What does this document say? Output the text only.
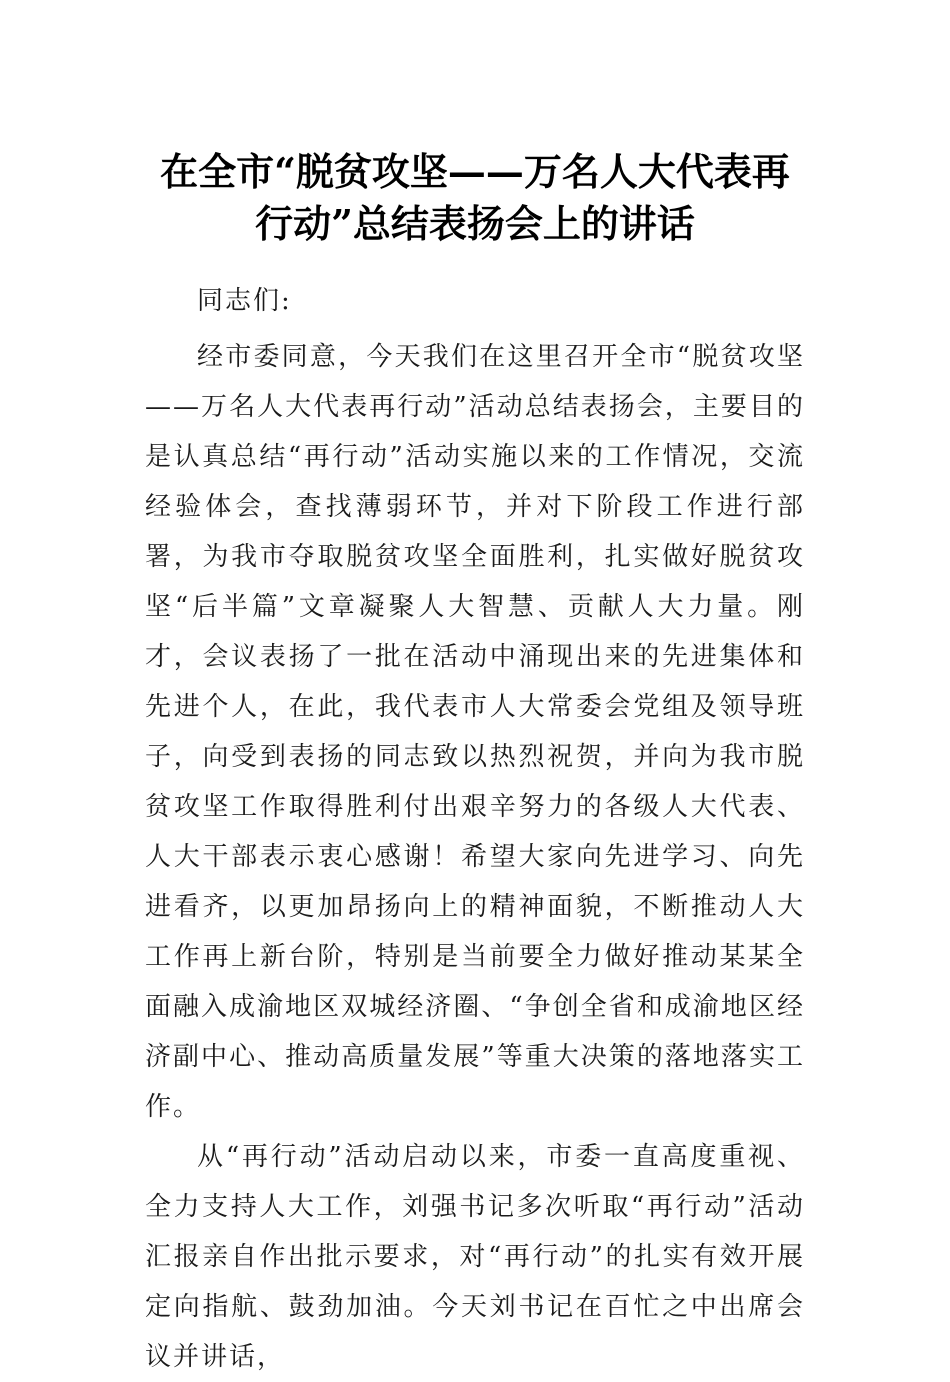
在全市“脱贫攻坚——万名人大代表再行动”总结表扬会上的讲话

同志们:

经市委同意，今天我们在这里召开全市“脱贫攻坚——万名人大代表再行动”活动总结表扬会，主要目的是认真总结“再行动”活动实施以来的工作情况，交流经验体会，查找薄弱环节，并对下阶段工作进行部署，为我市夺取脱贫攻坚全面胜利，扎实做好脱贫攻坚“后半篇”文章凝聚人大智慧、贡献人大力量。刚才，会议表扬了一批在活动中涌现出来的先进集体和先进个人，在此，我代表市人大常委会党组及领导班子，向受到表扬的同志致以热烈祝贺，并向为我市脱贫攻坚工作取得胜利付出艰辛努力的各级人大代表、人大干部表示衷心感谢！希望大家向先进学习、向先进看齐，以更加昂扬向上的精神面貌，不断推动人大工作再上新台阶，特别是当前要全力做好推动某某全面融入成渝地区双城经济圈、“争创全省和成渝地区经济副中心、推动高质量发展”等重大决策的落地落实工作。

从“再行动”活动启动以来，市委一直高度重视、全力支持人大工作，刘强书记多次听取“再行动”活动汇报亲自作出批示要求，对“再行动”的扎实有效开展定向指航、鼓劲加油。今天刘书记在百忙之中出席会议并讲话，
